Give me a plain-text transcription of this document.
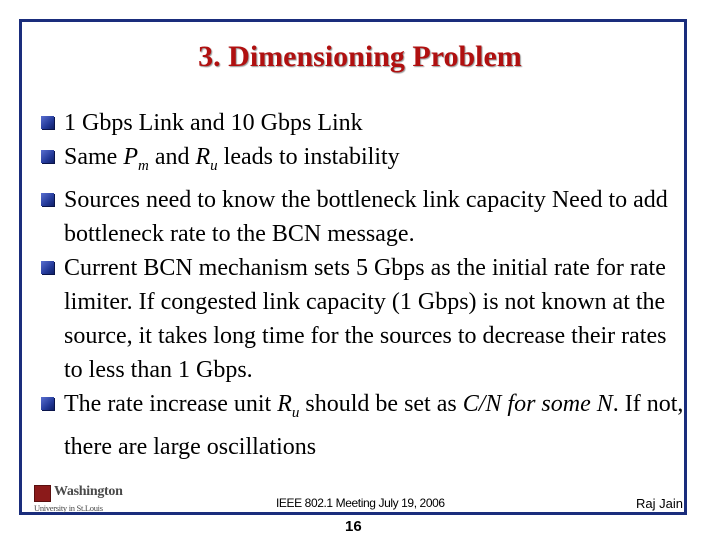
3. Dimensioning Problem
1 Gbps Link and 10 Gbps Link
Same $P_m$ and $R_u$ leads to instability
Sources need to know the bottleneck link capacity Need to add bottleneck rate to the BCN message.
Current BCN mechanism sets 5 Gbps as the initial rate for rate limiter. If congested link capacity (1 Gbps) is not known at the source, it takes long time for the sources to decrease their rates to less than 1 Gbps.
The rate increase unit $R_u$ should be set as C/N for some N. If not, there are large oscillations
Washington
University in St.Louis	IEEE 802.1 Meeting July 19, 2006	Raj Jain
16
